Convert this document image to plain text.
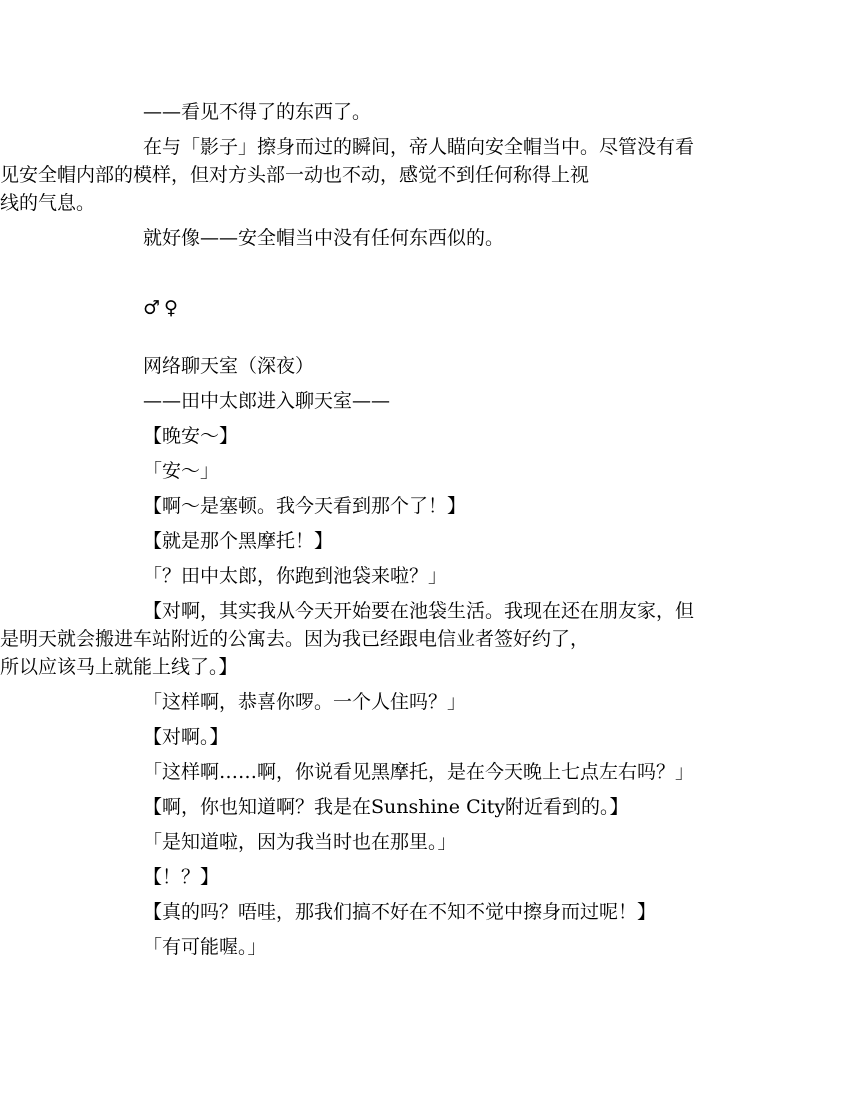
——看见不得了的东西了。

在与「影子」擦身而过的瞬间，帝人瞄向安全帽当中。尽管没有看

见安全帽内部的模样，但对方头部一动也不动，感觉不到任何称得上视

线的气息。

就好像——安全帽当中没有任何东西似的。

♂♀

网络聊天室（深夜）

——田中太郎进入聊天室——

【晚安～】

「安～」

【啊～是塞顿。我今天看到那个了！】

【就是那个黑摩托！】

「？田中太郎，你跑到池袋来啦？」

【对啊，其实我从今天开始要在池袋生活。我现在还在朋友家，但

是明天就会搬进车站附近的公寓去。因为我已经跟电信业者签好约了，

所以应该马上就能上线了。】

「这样啊，恭喜你啰。一个人住吗？」

【对啊。】

「这样啊……啊，你说看见黑摩托，是在今天晚上七点左右吗？」

【啊，你也知道啊？我是在Sunshine City附近看到的。】

「是知道啦，因为我当时也在那里。」

【！？】

【真的吗？唔哇，那我们搞不好在不知不觉中擦身而过呢！】

「有可能喔。」
